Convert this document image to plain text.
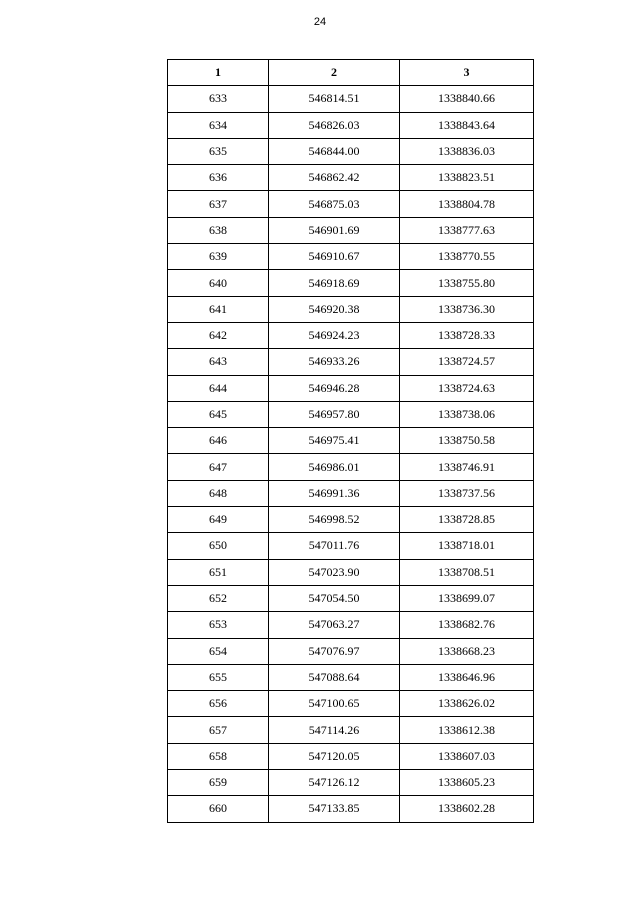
24
1	2	3
633	546814.51	1338840.66
634	546826.03	1338843.64
635	546844.00	1338836.03
636	546862.42	1338823.51
637	546875.03	1338804.78
638	546901.69	1338777.63
639	546910.67	1338770.55
640	546918.69	1338755.80
641	546920.38	1338736.30
642	546924.23	1338728.33
643	546933.26	1338724.57
644	546946.28	1338724.63
645	546957.80	1338738.06
646	546975.41	1338750.58
647	546986.01	1338746.91
648	546991.36	1338737.56
649	546998.52	1338728.85
650	547011.76	1338718.01
651	547023.90	1338708.51
652	547054.50	1338699.07
653	547063.27	1338682.76
654	547076.97	1338668.23
655	547088.64	1338646.96
656	547100.65	1338626.02
657	547114.26	1338612.38
658	547120.05	1338607.03
659	547126.12	1338605.23
660	547133.85	1338602.28
